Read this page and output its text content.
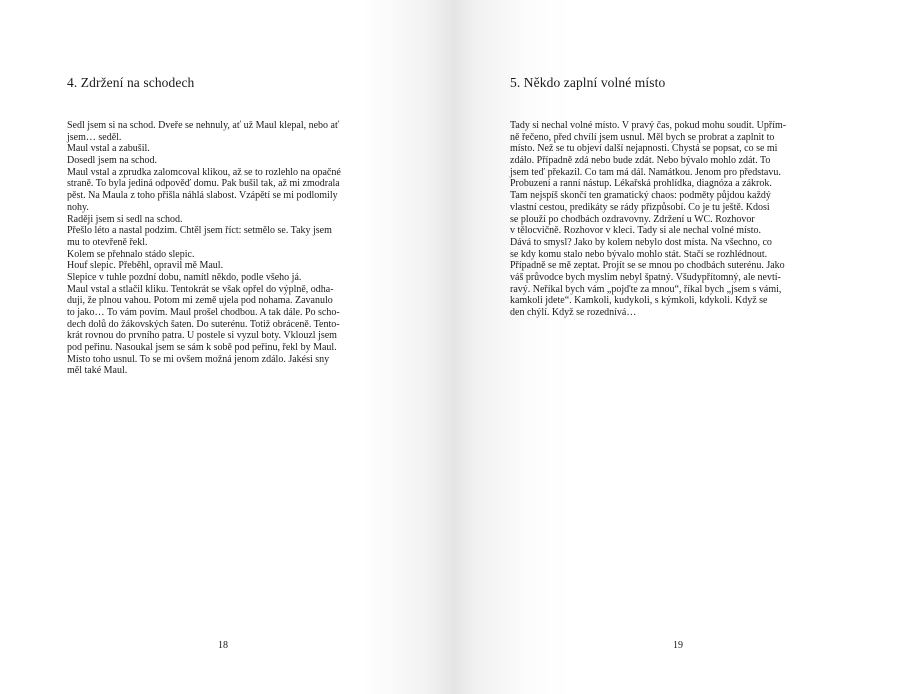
4. Zdržení na schodech
Sedl jsem si na schod. Dveře se nehnuly, ať už Maul klepal, nebo ať
jsem… seděl.
Maul vstal a zabušil.
Dosedl jsem na schod.
Maul vstal a zprudka zalomcoval klikou, až se to rozlehlo na opačné
straně. To byla jediná odpověď domu. Pak bušil tak, až mi zmodrala
pěst. Na Maula z toho přišla náhlá slabost. Vzápětí se mi podlomily
nohy.
Raději jsem si sedl na schod.
Přešlo léto a nastal podzim. Chtěl jsem říct: setmělo se. Taky jsem
mu to otevřeně řekl.
Kolem se přehnalo stádo slepic.
Houf slepic. Přeběhl, opravil mě Maul.
Slepice v tuhle pozdní dobu, namítl někdo, podle všeho já.
Maul vstal a stlačil kliku. Tentokrát se však opřel do výplně, odha-
duji, že plnou vahou. Potom mi země ujela pod nohama. Zavanulo
to jako… To vám povím. Maul prošel chodbou. A tak dále. Po scho-
dech dolů do žákovských šaten. Do suterénu. Totiž obráceně. Tento-
krát rovnou do prvního patra. U postele si vyzul boty. Vklouzl jsem
pod peřinu. Nasoukal jsem se sám k sobě pod peřinu, řekl by Maul.
Místo toho usnul. To se mi ovšem možná jenom zdálo. Jakési sny
měl také Maul.
18
5. Někdo zaplní volné místo
Tady si nechal volné místo. V pravý čas, pokud mohu soudit. Upřím-
ně řečeno, před chvílí jsem usnul. Měl bych se probrat a zaplnit to
místo. Než se tu objeví další nejapnosti. Chystá se popsat, co se mi
zdálo. Případně zdá nebo bude zdát. Nebo bývalo mohlo zdát. To
jsem teď překazil. Co tam má dál. Namátkou. Jenom pro představu.
Probuzení a ranní nástup. Lékařská prohlídka, diagnóza a zákrok.
Tam nejspíš skončí ten gramatický chaos: podměty půjdou každý
vlastní cestou, predikáty se rády přizpůsobí. Co je tu ještě. Kdosi
se plouží po chodbách ozdravovny. Zdržení u WC. Rozhovor
v tělocvičně. Rozhovor v kleci. Tady si ale nechal volné místo.
Dává to smysl? Jako by kolem nebylo dost místa. Na všechno, co
se kdy komu stalo nebo bývalo mohlo stát. Stačí se rozhlédnout.
Případně se mě zeptat. Projít se se mnou po chodbách suterénu. Jako
váš průvodce bych myslím nebyl špatný. Všudypřítomný, ale nevtí-
ravý. Neříkal bych vám „pojďte za mnou“, říkal bych „jsem s vámi,
kamkoli jdete“. Kamkoli, kudykoli, s kýmkoli, kdykoli. Když se
den chýlí. Když se rozednívá…
19
